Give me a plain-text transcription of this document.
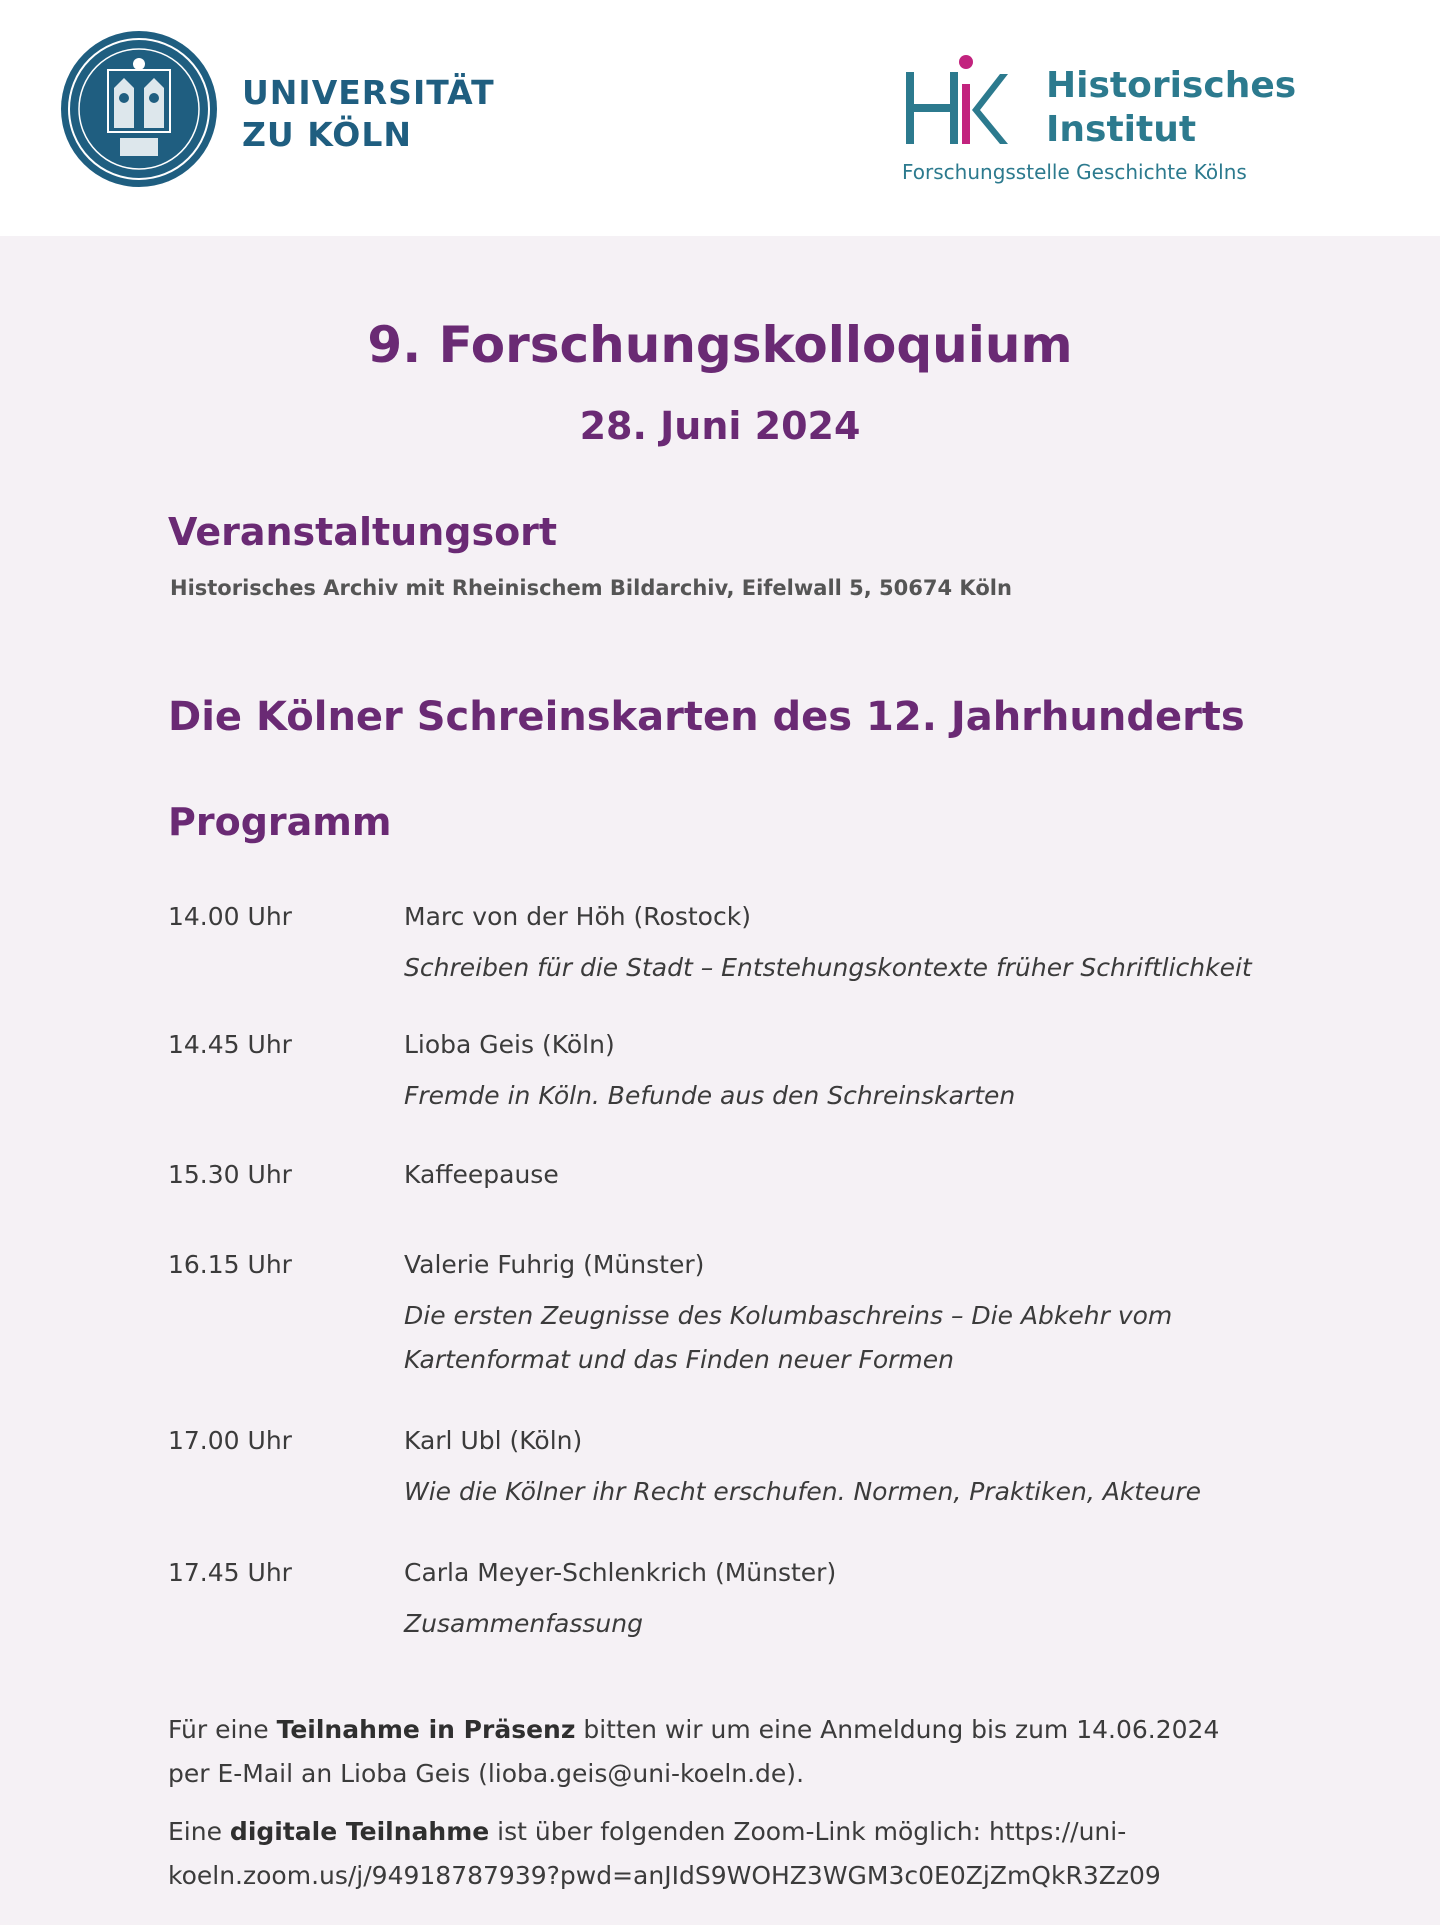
UNIVERSITÄT
ZU KÖLN
Historisches
Institut
Forschungsstelle Geschichte Kölns
9. Forschungskolloquium
28. Juni 2024
Veranstaltungsort
Historisches Archiv mit Rheinischem Bildarchiv, Eifelwall 5, 50674 Köln
Die Kölner Schreinskarten des 12. Jahrhunderts
Programm
14.00 Uhr	Marc von der Höh (Rostock)
Schreiben für die Stadt – Entstehungskontexte früher Schriftlichkeit
14.45 Uhr	Lioba Geis (Köln)
Fremde in Köln. Befunde aus den Schreinskarten
15.30 Uhr	Kaffeepause
16.15 Uhr	Valerie Fuhrig (Münster)
Die ersten Zeugnisse des Kolumbaschreins – Die Abkehr vom Kartenformat und das Finden neuer Formen
17.00 Uhr	Karl Ubl (Köln)
Wie die Kölner ihr Recht erschufen. Normen, Praktiken, Akteure
17.45 Uhr	Carla Meyer-Schlenkrich (Münster)
Zusammenfassung
Für eine Teilnahme in Präsenz bitten wir um eine Anmeldung bis zum 14.06.2024
per E-Mail an Lioba Geis (lioba.geis@uni-koeln.de).
Eine digitale Teilnahme ist über folgenden Zoom-Link möglich: https://uni-
koeln.zoom.us/j/94918787939?pwd=anJIdS9WOHZ3WGM3c0E0ZjZmQkR3Zz09
